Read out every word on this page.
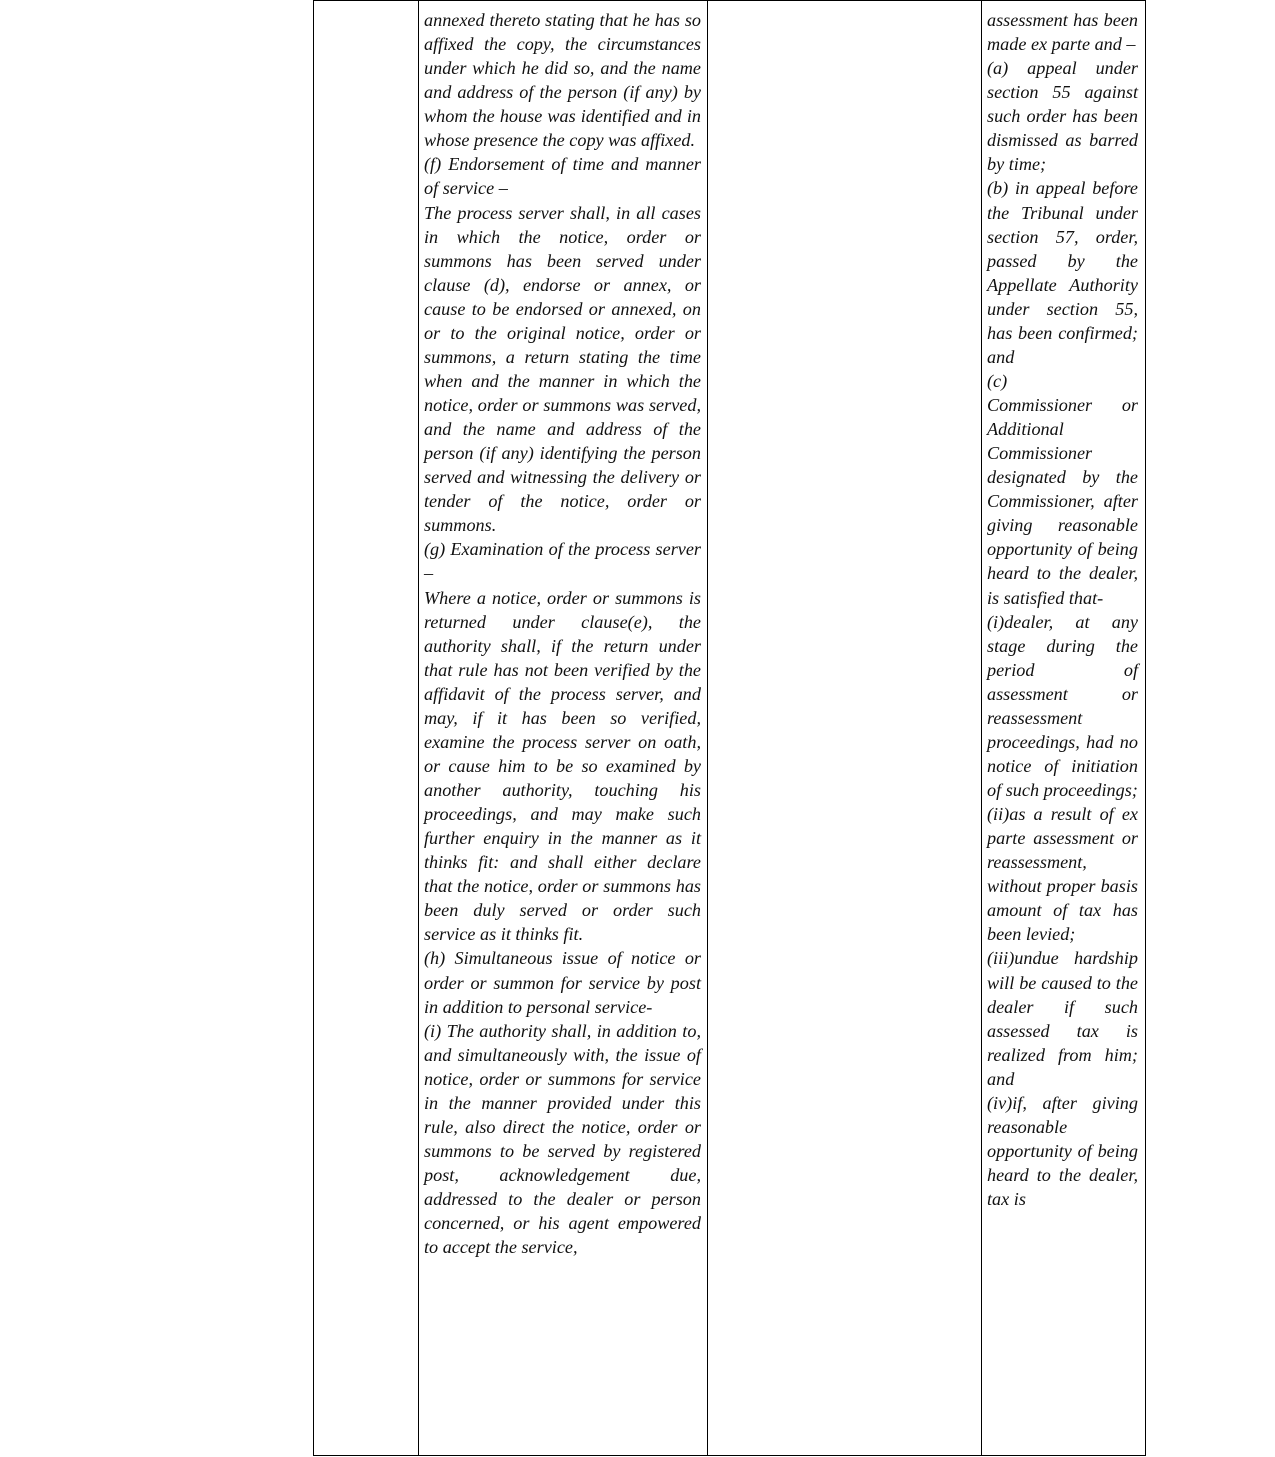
annexed thereto stating that he has so affixed the copy, the circumstances under which he did so, and the name and address of the person (if any) by whom the house was identified and in whose presence the copy was affixed.

(f) Endorsement of time and manner of service –

The process server shall, in all cases in which the notice, order or summons has been served under clause (d), endorse or annex, or cause to be endorsed or annexed, on or to the original notice, order or summons, a return stating the time when and the manner in which the notice, order or summons was served, and the name and address of the person (if any) identifying the person served and witnessing the delivery or tender of the notice, order or summons.

(g) Examination of the process server –

Where a notice, order or summons is returned under clause(e), the authority shall, if the return under that rule has not been verified by the affidavit of the process server, and may, if it has been so verified, examine the process server on oath, or cause him to be so examined by another authority, touching his proceedings, and may make such further enquiry in the manner as it thinks fit: and shall either declare that the notice, order or summons has been duly served or order such service as it thinks fit.

(h) Simultaneous issue of notice or order or summon for service by post in addition to personal service-

(i) The authority shall, in addition to, and simultaneously with, the issue of notice, order or summons for service in the manner provided under this rule, also direct the notice, order or summons to be served by registered post, acknowledgement due, addressed to the dealer or person concerned, or his agent empowered to accept the service,

assessment has been made ex parte and –

(a) appeal under section 55 against such order has been dismissed as barred by time;

(b) in appeal before the Tribunal under section 57, order, passed by the Appellate Authority under section 55, has been confirmed; and

(c)

Commissioner or Additional Commissioner designated by the Commissioner, after giving reasonable opportunity of being heard to the dealer, is satisfied that-

(i)dealer, at any stage during the period of assessment or reassessment proceedings, had no notice of initiation of such proceedings;

(ii)as a result of ex parte assessment or reassessment, without proper basis amount of tax has been levied;

(iii)undue hardship will be caused to the dealer if such assessed tax is realized from him; and

(iv)if, after giving reasonable opportunity of being heard to the dealer, tax is
